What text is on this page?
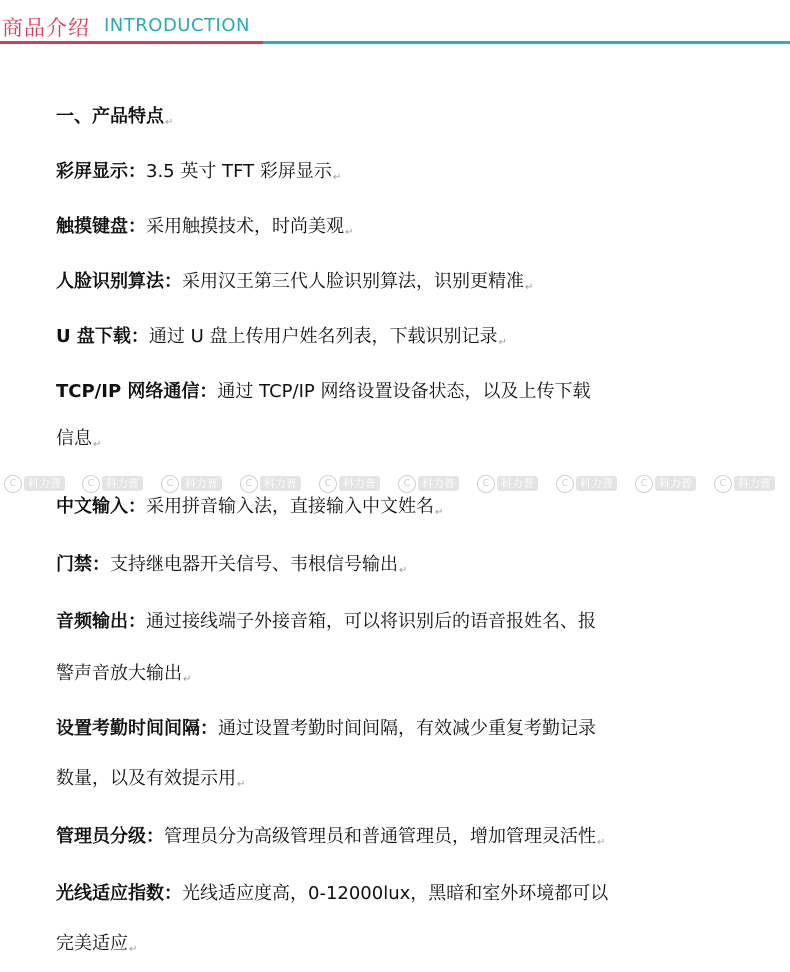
商品介绍 INTRODUCTION
一、产品特点↵
彩屏显示：3.5 英寸 TFT 彩屏显示↵
触摸键盘：采用触摸技术，时尚美观↵
人脸识别算法：采用汉王第三代人脸识别算法，识别更精准↵
U 盘下载：通过 U 盘上传用户姓名列表，下载识别记录↵
TCP/IP 网络通信：通过 TCP/IP 网络设置设备状态，以及上传下载
信息↵
中文输入：采用拼音输入法，直接输入中文姓名↵
门禁：支持继电器开关信号、韦根信号输出↵
音频输出：通过接线端子外接音箱，可以将识别后的语音报姓名、报
警声音放大输出↵
设置考勤时间间隔：通过设置考勤时间间隔，有效减少重复考勤记录
数量，以及有效提示用↵
管理员分级：管理员分为高级管理员和普通管理员，增加管理灵活性↵
光线适应指数：光线适应度高，0-12000lux，黑暗和室外环境都可以
完美适应↵
C 科力普	C 科力普	C 科力普	C 科力普	C 科力普	C 科力普	C 科力普	C 科力普	C 科力普	C 科力普
